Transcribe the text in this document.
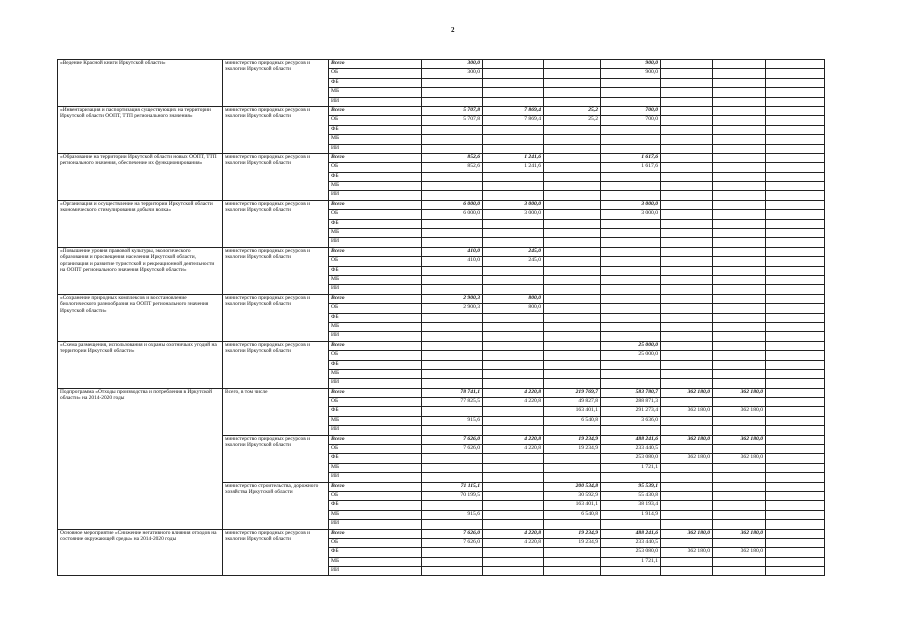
2
«Ведение Красной книги Иркутской области»	министерство природных ресурсов и экологии Иркутской области	Всего	300,0			900,0			
		ОБ	300,0			900,0			
		ФБ							
		МБ							
		ИИ							
«Инвентаризация и паспортизация существующих на территории Иркутской области ООПТ, ТТП регионального значения»	министерство природных ресурсов и экологии Иркутской области	Всего	5 707,8	7 869,4	25,2	700,0			
		ОБ	5 707,8	7 869,4	25,2	700,0			
		ФБ							
		МБ							
		ИИ							
«Образование на территории Иркутской области новых ООПТ, ТТП регионального значения, обеспечение их функционирования»	министерство природных ресурсов и экологии Иркутской области	Всего	852,6	1 241,6		1 617,6			
		ОБ	852,6	1 241,6		1 617,6			
		ФБ							
		МБ							
		ИИ							
«Организация и осуществление на территории Иркутской области экономического стимулирования добычи волка»	министерство природных ресурсов и экологии Иркутской области	Всего	6 000,0	3 000,0		3 000,0			
		ОБ	6 000,0	3 000,0		3 000,0			
		ФБ							
		МБ							
		ИИ							
«Повышение уровня правовой культуры, экологического образования и просвещения населения Иркутской области, организация и развитие туристской и рекреационной деятельности на ООПТ регионального значения Иркутской области»	министерство природных ресурсов и экологии Иркутской области	Всего	410,0	245,0					
		ОБ	410,0	245,0					
		ФБ							
		МБ							
		ИИ							
«Сохранение природных комплексов и восстановление биологического разнообразия на ООПТ регионального значения Иркутской области»	министерство природных ресурсов и экологии Иркутской области	Всего	2 900,3	800,0					
		ОБ	2 900,3	800,0					
		ФБ							
		МБ							
		ИИ							
«Схема размещения, использования и охраны охотничьих угодий на территории Иркутской области»	министерство природных ресурсов и экологии Иркутской области	Всего				25 000,0			
		ОБ				25 000,0			
		ФБ							
		МБ							
		ИИ							
Подпрограмма «Отходы производства и потребления в Иркутской области» на 2014-2020 годы	Всего, в том числе	Всего	78 741,1	4 220,8	219 769,7	583 780,7	362 180,0	362 180,0	
		ОБ	77 825,5	4 220,8	49 827,8	288 871,3			
		ФБ			163 401,1	291 273,4	362 180,0	362 180,0	
		МБ	915,6		6 540,8	3 636,0			
		ИИ							
	министерство природных ресурсов и экологии Иркутской области	Всего	7 626,0	4 220,8	19 234,9	488 241,6	362 180,0	362 180,0	
		ОБ	7 626,0	4 220,8	19 234,9	233 440,5			
		ФБ				253 080,0	362 180,0	362 180,0	
		МБ				1 721,1			
		ИИ							
	министерство строительства, дорожного хозяйства Иркутской области	Всего	71 115,1		200 534,8	95 539,1			
		ОБ	70 199,5		30 592,9	55 430,8			
		ФБ			163 401,1	38 193,4			
		МБ	915,6		6 540,8	1 914,9			
		ИИ							
Основное мероприятие «Снижение негативного влияния отходов на состояние окружающей среды» на 2014-2020 годы	министерство природных ресурсов и экологии Иркутской области	Всего	7 626,0	4 220,8	19 234,9	488 241,6	362 180,0	362 180,0	
		ОБ	7 626,0	4 220,8	19 234,9	233 440,5			
		ФБ				253 080,0	362 180,0	362 180,0	
		МБ				1 721,1			
		ИИ							
